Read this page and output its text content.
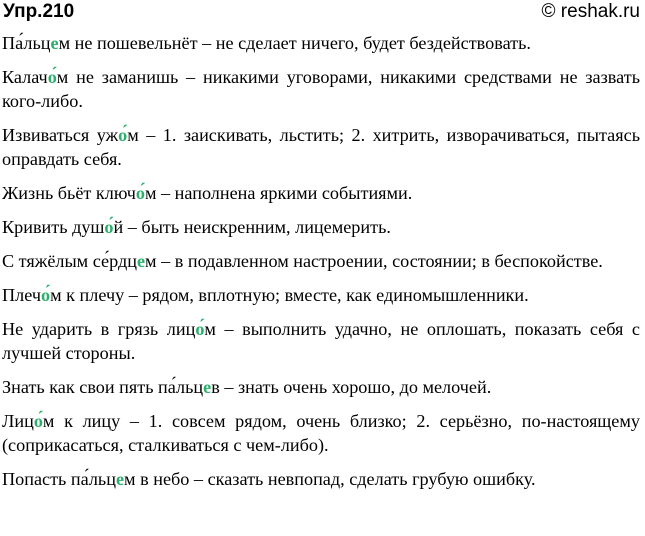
Упр.210	© reshak.ru

Па́льцем не пошевельнёт – не сделает ничего, будет бездействовать.

Калачо́м не заманишь – никакими уговорами, никакими средствами не зазвать кого-либо.

Извиваться ужо́м – 1. заискивать, льстить; 2. хитрить, изворачиваться, пытаясь оправдать себя.

Жизнь бьёт ключо́м – наполнена яркими событиями.

Кривить душо́й – быть неискренним, лицемерить.

С тяжёлым се́рдцем – в подавленном настроении, состоянии; в беспокойстве.

Плечо́м к плечу – рядом, вплотную; вместе, как единомышленники.

Не ударить в грязь лицо́м – выполнить удачно, не оплошать, показать себя с лучшей стороны.

Знать как свои пять па́льцев – знать очень хорошо, до мелочей.

Лицо́м к лицу – 1. совсем рядом, очень близко; 2. серьёзно, по-настоящему (соприкасаться, сталкиваться с чем-либо).

Попасть па́льцем в небо – сказать невпопад, сделать грубую ошибку.
